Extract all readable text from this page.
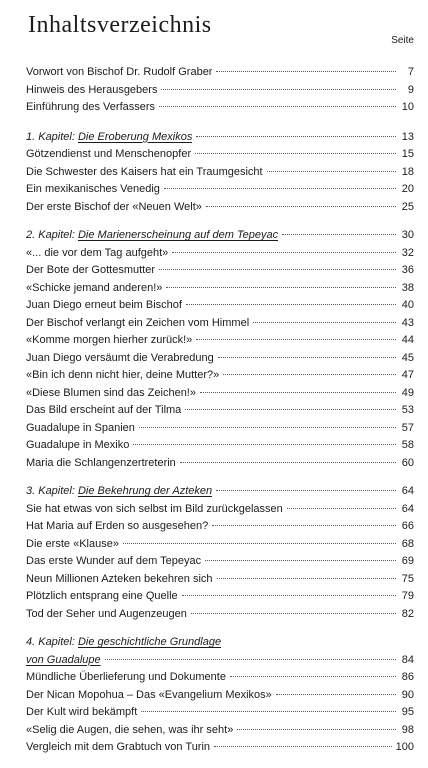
Inhaltsverzeichnis
Seite
Vorwort von Bischof Dr. Rudolf Graber	7
Hinweis des Herausgebers	9
Einführung des Verfassers	10
1. Kapitel: Die Eroberung Mexikos	13
Götzendienst und Menschenopfer	15
Die Schwester des Kaisers hat ein Traumgesicht	18
Ein mexikanisches Venedig	20
Der erste Bischof der «Neuen Welt»	25
2. Kapitel: Die Marienerscheinung auf dem Tepeyac	30
«... die vor dem Tag aufgeht»	32
Der Bote der Gottesmutter	36
«Schicke jemand anderen!»	38
Juan Diego erneut beim Bischof	40
Der Bischof verlangt ein Zeichen vom Himmel	43
«Komme morgen hierher zurück!»	44
Juan Diego versäumt die Verabredung	45
«Bin ich denn nicht hier, deine Mutter?»	47
«Diese Blumen sind das Zeichen!»	49
Das Bild erscheint auf der Tilma	53
Guadalupe in Spanien	57
Guadalupe in Mexiko	58
Maria die Schlangenzertreterin	60
3. Kapitel: Die Bekehrung der Azteken	64
Sie hat etwas von sich selbst im Bild zurückgelassen	64
Hat Maria auf Erden so ausgesehen?	66
Die erste «Klause»	68
Das erste Wunder auf dem Tepeyac	69
Neun Millionen Azteken bekehren sich	75
Plötzlich entsprang eine Quelle	79
Tod der Seher und Augenzeugen	82
4. Kapitel: Die geschichtliche Grundlage
von Guadalupe	84
Mündliche Überlieferung und Dokumente	86
Der Nican Mopohua – Das «Evangelium Mexikos»	90
Der Kult wird bekämpft	95
«Selig die Augen, die sehen, was ihr seht»	98
Vergleich mit dem Grabtuch von Turin	100
